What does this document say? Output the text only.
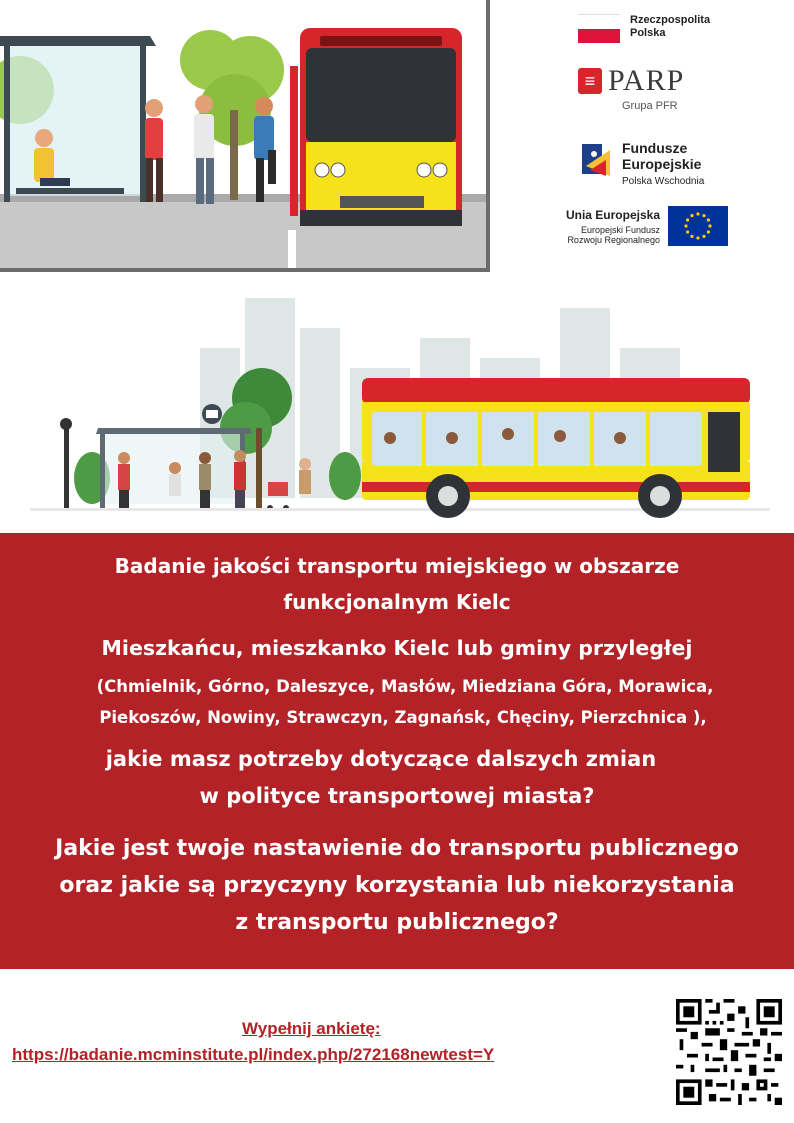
Rzeczpospolita
Polska
≡ PARP
Grupa PFR
Fundusze
Europejskie
Polska Wschodnia
Unia Europejska
Europejski Fundusz
Rozwoju Regionalnego
Badanie jakości transportu miejskiego w obszarze
funkcjonalnym Kielc
Mieszkańcu, mieszkanko Kielc lub gminy przyległej
(Chmielnik, Górno, Daleszyce, Masłów, Miedziana Góra, Morawica,
Piekoszów, Nowiny, Strawczyn, Zagnańsk, Chęciny, Pierzchnica ),
jakie masz potrzeby dotyczące dalszych zmian
w polityce transportowej miasta?
Jakie jest twoje nastawienie do transportu publicznego
oraz jakie są przyczyny korzystania lub niekorzystania
z transportu publicznego?
Wypełnij ankietę:
https://badanie.mcminstitute.pl/index.php/272168newtest=Y
